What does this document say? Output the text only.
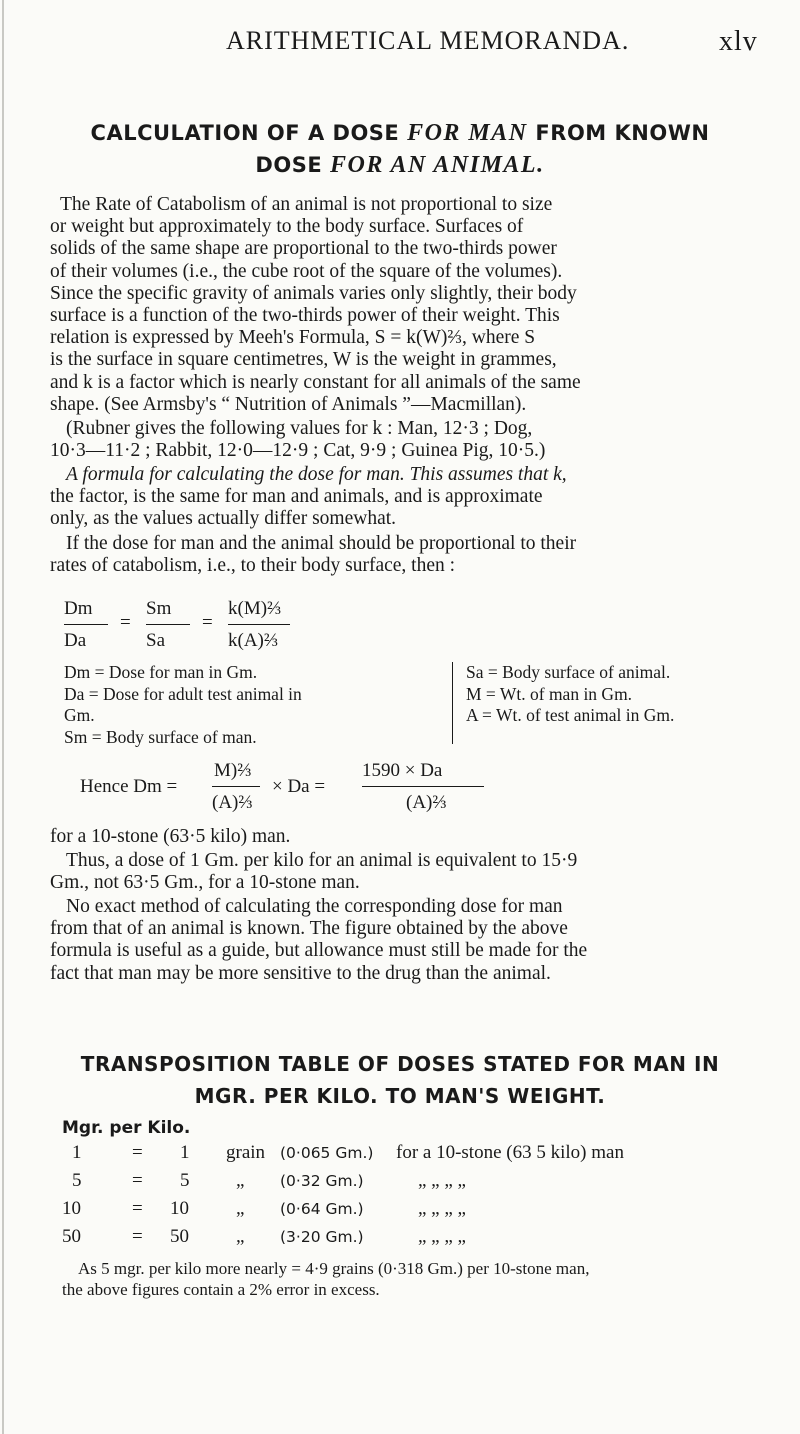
ARITHMETICAL MEMORANDA.	xlv
CALCULATION OF A DOSE FOR MAN FROM KNOWN
DOSE FOR AN ANIMAL.
The Rate of Catabolism of an animal is not proportional to size
or weight but approximately to the body surface. Surfaces of
solids of the same shape are proportional to the two-thirds power
of their volumes (i.e., the cube root of the square of the volumes).
Since the specific gravity of animals varies only slightly, their body
surface is a function of the two-thirds power of their weight. This
relation is expressed by Meeh's Formula, S = k(W)⅔, where S
is the surface in square centimetres, W is the weight in grammes,
and k is a factor which is nearly constant for all animals of the same
shape. (See Armsby's “ Nutrition of Animals ”—Macmillan).
(Rubner gives the following values for k : Man, 12·3 ; Dog,
10·3—11·2 ; Rabbit, 12·0—12·9 ; Cat, 9·9 ; Guinea Pig, 10·5.)
A formula for calculating the dose for man. This assumes that k,
the factor, is the same for man and animals, and is approximate
only, as the values actually differ somewhat.
If the dose for man and the animal should be proportional to their
rates of catabolism, i.e., to their body surface, then :
Dm
Da
=
Sm
Sa
=
k(M)⅔
k(A)⅔
Dm = Dose for man in Gm.
Da = Dose for adult test animal in
Gm.
Sm = Body surface of man.
Sa = Body surface of animal.
M = Wt. of man in Gm.
A = Wt. of test animal in Gm.
Hence Dm =
M)⅔
(A)⅔
× Da =
1590 × Da
(A)⅔
for a 10-stone (63·5 kilo) man.
Thus, a dose of 1 Gm. per kilo for an animal is equivalent to 15·9
Gm., not 63·5 Gm., for a 10-stone man.
No exact method of calculating the corresponding dose for man
from that of an animal is known. The figure obtained by the above
formula is useful as a guide, but allowance must still be made for the
fact that man may be more sensitive to the drug than the animal.
TRANSPOSITION TABLE OF DOSES STATED FOR MAN IN
MGR. PER KILO. TO MAN'S WEIGHT.
Mgr. per Kilo.
1	= 1 grain (0·065 Gm.) for a 10-stone (63 5 kilo) man
5	= 5 „ (0·32 Gm.)	„ „ „ „
10	= 10 „ (0·64 Gm.)	„ „ „ „
50	= 50 „ (3·20 Gm.)	„ „ „ „
As 5 mgr. per kilo more nearly = 4·9 grains (0·318 Gm.) per 10-stone man,
the above figures contain a 2% error in excess.
